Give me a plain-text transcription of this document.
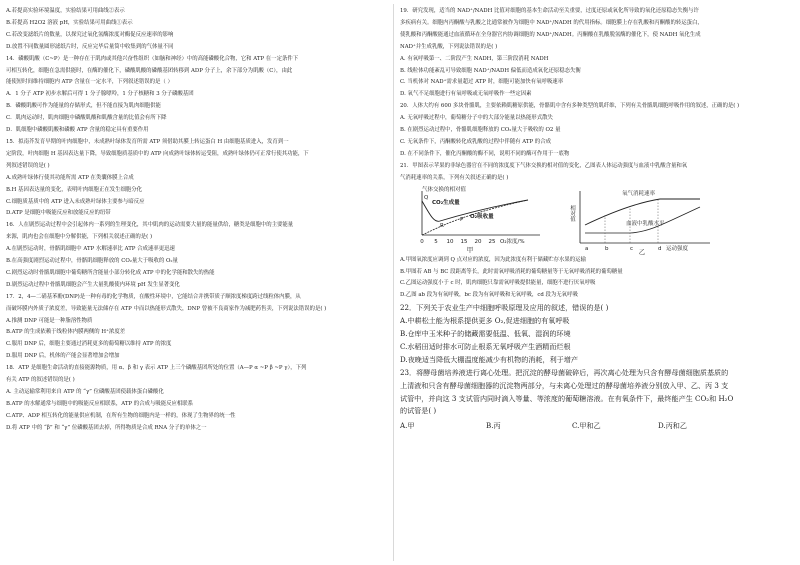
A.若提高实验环境温度，实验结果可用曲线②表示
B.若提高 H2O2 溶液 pH，实验结果可用曲线①表示
C.若改变滤纸片的数量，以探究过氧化氢酶浓度对酶促反应速率的影响
D.放置不同数量圆形滤纸片时，反应完毕后量筒中收集到的气体量不同
14．磷酸肌酸（C~P）是一种存在于肌肉或其他兴奋性组织（如脑和神经）中的高能磷酸化合物，它和 ATP 在一定条件下
可相互转化，细胞在急需供能时，在酶的催化下，磷酸肌酸的磷酸基团转移到 ADP 分子上，余下部分为肌酸（C），由此
能使短时间维持细胞内 ATP 含量在一定水平，下列叙述错误的是（ ）
A．1 分子 ATP 初步水解后可得 1 分子腺嘌呤，1 分子核糖和 3 分子磷酸基团
B．磷酸肌酸可作为能量的存储形式，但不能直接为肌肉细胞供能
C．肌肉运动时，肌肉细胞中磷酸肌酸和肌酸含量的比值会有所下降
D．肌细胞中磷酸肌酸和磷酸 ATP 含量的稳定具有重要作用
15．拟南芥发育早期的叶肉细胞中，未成熟叶绿体发育所需 ATP 须借助其膜上转运蛋白 H 由细胞基质进入，发育到一
定阶段，叶肉细胞 H 基因表达量下降，导致细胞质基质中的 ATP 向成熟叶绿体转运受阻，成熟叶绿体仍可正常行使其功能，下
列叙述错误的是( )
A.成熟叶绿体行使其功能所需 ATP 在类囊体膜上合成
B.H 基因表达量的变化，表明叶肉细胞正在发生细胞分化
C.细胞质基质中的 ATP 进入未成熟叶绿体主要参与暗反应
D.ATP 是细胞中吸能反应和放能反应的纽带
16．人在剧烈运动过程中会引起体内一系列的生理变化，其中肌肉的运动需要大量的能量供给，糖类是细胞中的主要能量
来源，肌肉也会在细胞中分解供能，下列相关叙述正确的是( )
A.在剧烈运动时，骨骼肌细胞中 ATP 水解速率比 ATP 合成速率更迅速
B.在高强度剧烈运动过程中，骨骼肌细胞释放的 CO₂量大于吸收的 O₂量
C.剧烈运动时骨骼肌细胞中葡萄糖所含能量小部分转化成 ATP 中的化学能和散失的热能
D.剧烈运动过程中骨骼肌细胞会产生大量乳酸使内环境 pH 发生显著变化
17．2，4—二硝基苯酚(DNP)是一种有毒的化学物质，在酸性环境中，它能结合并携带质子顺浓度梯度跨过线粒体内膜，从
而破坏膜内外质子浓度差，导致能量无法储存在 ATP 中而以热能形式散失，DNP 曾被不良商家作为减肥药售卖，下列说法错误的是( )
A.推测 DNP 可能是一种脂溶性物质
B.ATP 的生成依赖于线粒体内膜两侧的 H⁺浓度差
C.服用 DNP 后，细胞主要通过消耗更多的葡萄糖以维持 ATP 的浓度
D.服用 DNP 后，机体的产能会显著增加会增加
18．ATP 是细胞生命活动的直接能源物质，用 α、β 和 γ 表示 ATP 上三个磷酸基团所处的位置（A—P α ~P β ~P γ），下列
有关 ATP 的叙述错误的是( )
A. 主动运输常利用来自 ATP 的 “γ” 位磷酸基团使载体蛋白磷酸化
B.ATP 的水解通常与细胞中的吸能反应相联系，ATP 的合成与吸能反应相联系
C.ATP、ADP 相互转化的能量供应机制，在所有生物的细胞内是一样的，体现了生物界的统一性
D.将 ATP 中的 “β” 和 “γ” 位磷酸基团去掉，所得物质是合成 RNA 分子的单体之一
19．研究发现，适当的 NAD⁺/NADH 比值对细胞的基本生命活动至关重要，过度还原或氧化所导致的氧化还原稳态失衡与许
多疾病有关。细胞内丙酮酸与乳酸之比通常被作为细胞中 NAD⁺/NADH 的代用指标。细胞膜上存在乳酸和丙酮酸的转运蛋白，
使乳酸和丙酮酸能通过血液循环在全身器官内协调细胞的 NAD⁺/NADH。丙酮酸在乳酸脱氢酶的催化下，使 NADH 氧化生成
NAD⁺并生成乳酸，下列说法错误的是( )
A. 有氧呼吸第一、二阶段产生 NADH，第三阶段消耗 NADH
B. 线粒体功能紊乱可导致细胞 NAD⁺/NADH 偏低而造成氧化还原稳态失衡
C. 当机体对 NAD⁺需求量超过 ATP 时，细胞可能加快有氧呼吸速率
D. 氧气不足细胞进行有氧呼吸或无氧呼吸作一些定因素
20．人体大约有 600 多块骨骼肌，主要依赖肌糖原供能，骨骼肌中含有多种类型的肌纤维，下列有关骨骼肌细胞呼吸作用的叙述，正确的是( )
A. 无氧呼吸过程中，葡萄糖分子中的大部分能量以热能形式散失
B. 在剧烈运动过程中，骨骼肌细胞释放的 CO₂量大于吸收的 O2 量
C. 无氧条件下，丙酮酸转化成乳酸的过程中伴随有 ATP 的合成
D. 在不同条件下，催化丙酮酸的酶不同，说明不同的酶可作用于一底物
21．甲图表示苹果的非绿色器官在不同的浓度度下气体交换的相对值的变化，乙图表人体运动强度与血液中乳酸含量和氧
气消耗速率的关系，下列有关叙述正确的是( )
气体交换的相对值
CO₂生成量
O₂吸收量
Q
R
P
0 5 10 15 20 25 O₂浓度/%
甲
相对值
氧气消耗速率
血液中乳酸水平
a	b	c	d 运动强度
乙
A.甲图氧浓度应调到 Q 点对应的浓度，因为此浓度有利于储藏贮存水果的运输
B.甲图若 AB 与 BC 段距离等长，此时需氧呼吸消耗的葡萄糖量等于无氧呼吸消耗的葡萄糖量
C.乙图运动强度小于 c 时，肌肉细胞只靠需氧呼吸提供能量，细胞不进行厌氧呼吸
D.乙图 ab 段为有氧呼吸，bc 段为有氧呼吸和无氧呼吸，cd 段为无氧呼吸
22．下列关于农业生产中细胞呼吸原理及应用的叙述，错误的是( )
A.中耕松土能为根系提供更多 O₂,促进细胞的有氧呼吸
B.仓库中玉米种子的储藏需要低温、低氧、湿润的环境
C.水稻田适时排水可防止根系无氧呼吸产生酒精而烂根
D.夜晚适当降低大棚温度能减少有机物的消耗，利于增产
23．将酵母菌培养液进行离心处理。把沉淀的酵母菌破碎后，再次离心处理为只含有酵母菌细胞质基质的
上清液和只含有酵母菌细胞器的沉淀物两部分，与未离心处理过的酵母菌培养液分别放入甲、乙、丙 3 支
试管中，并向这 3 支试管内同时滴入等量、等浓度的葡萄糖溶液。在有氧条件下，最终能产生 CO₂和 H₂O
的试管是( )
A.甲	B.丙	C.甲和乙	D.丙和乙
